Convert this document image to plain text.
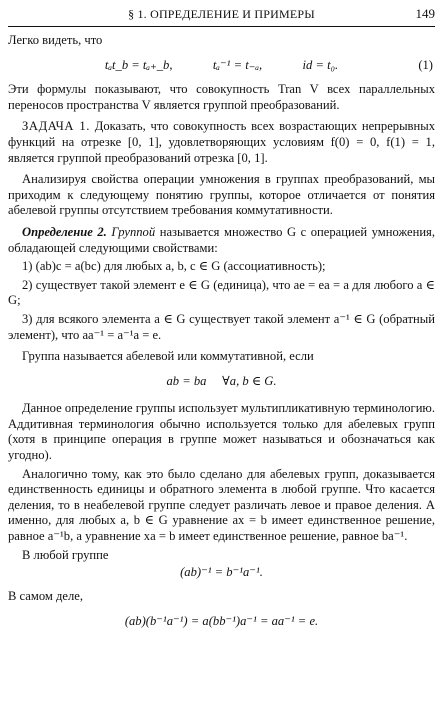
§ 1. ОПРЕДЕЛЕНИЕ И ПРИМЕРЫ	149

Легко видеть, что

tₐt_b = tₐ₊_b,	tₐ⁻¹ = t₋ₐ,	id = t₀.	(1)

Эти формулы показывают, что совокупность Tran V всех параллельных переносов пространства V является группой преобразований.

ЗАДАЧА 1. Доказать, что совокупность всех возрастающих непрерывных функций на отрезке [0, 1], удовлетворяющих условиям f(0) = 0, f(1) = 1, является группой преобразований отрезка [0, 1].

Анализируя свойства операции умножения в группах преобразований, мы приходим к следующему понятию группы, которое отличается от понятия абелевой группы отсутствием требования коммутативности.

Определение 2. Группой называется множество G с операцией умножения, обладающей следующими свойствами:

1) (ab)c = a(bc) для любых a, b, c ∈ G (ассоциативность);

2) существует такой элемент e ∈ G (единица), что ae = ea = a для любого a ∈ G;

3) для всякого элемента a ∈ G существует такой элемент a⁻¹ ∈ G (обратный элемент), что aa⁻¹ = a⁻¹a = e.

Группа называется абелевой или коммутативной, если

ab = ba     ∀a, b ∈ G.

Данное определение группы использует мультипликативную терминологию. Аддитивная терминология обычно используется только для абелевых групп (хотя в принципе операция в группе может называться и обозначаться как угодно).

Аналогично тому, как это было сделано для абелевых групп, доказывается единственность единицы и обратного элемента в любой группе. Что касается деления, то в неабелевой группе следует различать левое и правое деления. А именно, для любых a, b ∈ G уравнение ax = b имеет единственное решение, равное a⁻¹b, а уравнение xa = b имеет единственное решение, равное ba⁻¹.

В любой группе

(ab)⁻¹ = b⁻¹a⁻¹.

В самом деле,

(ab)(b⁻¹a⁻¹) = a(bb⁻¹)a⁻¹ = aa⁻¹ = e.
